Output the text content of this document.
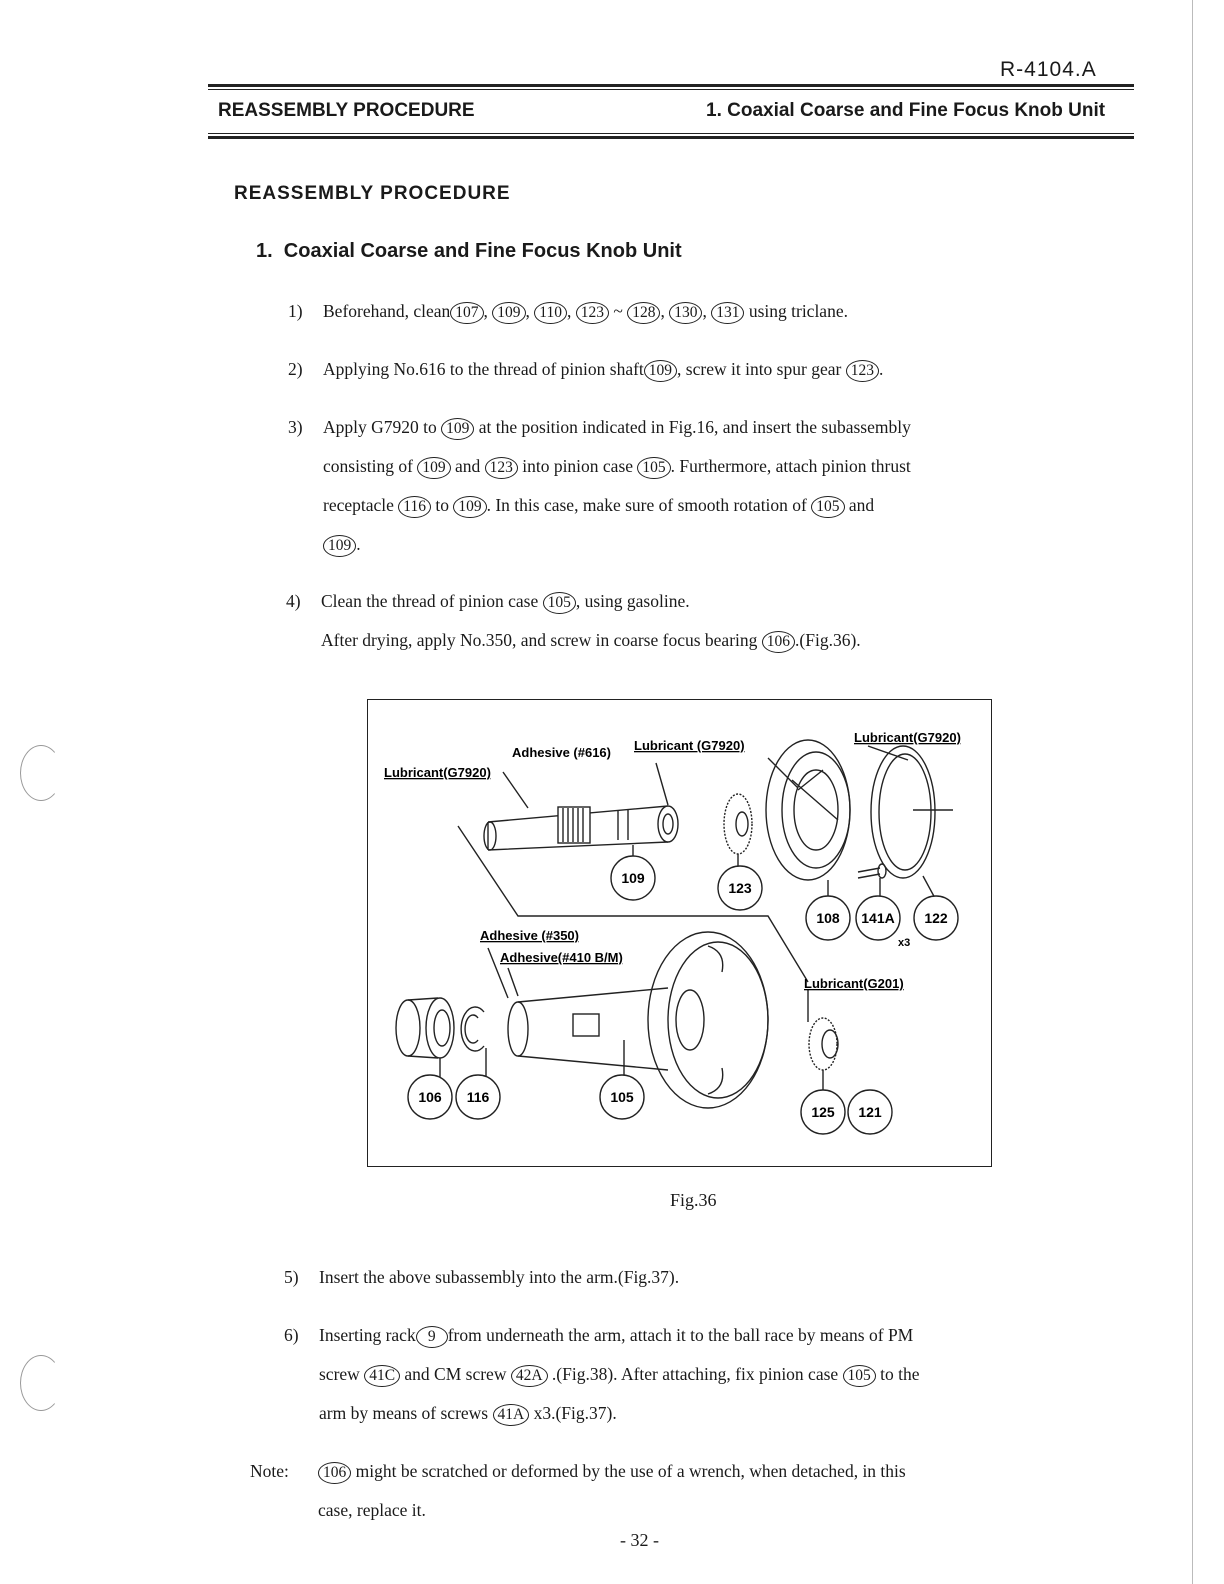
R-4104.A
REASSEMBLY PROCEDURE	1. Coaxial Coarse and Fine Focus Knob Unit
REASSEMBLY PROCEDURE
1.  Coaxial Coarse and Fine Focus Knob Unit
1) Beforehand, clean 107 , 109 , 110 , 123 ~ 128 , 130 , 131 using triclane.
2) Applying No.616 to the thread of pinion shaft 109 , screw it into spur gear 123 .
3) Apply G7920 to 109 at the position indicated in Fig.16, and insert the subassembly
consisting of 109 and 123 into pinion case 105 . Furthermore, attach pinion thrust
receptacle 116 to 109 . In this case, make sure of smooth rotation of 105 and
109 .
4) Clean the thread of pinion case 105 , using gasoline.
After drying, apply No.350, and screw in coarse focus bearing 106 .(Fig.36).
Adhesive (#616) Lubricant (G7920)
Lubricant(G7920)
Lubricant(G7920)
Adhesive (#350)
Adhesive(#410 B/M)
Lubricant(G201)
x3
109
123
108 141A 122
106 116	105
125 121
Fig.36
5) Insert the above subassembly into the arm.(Fig.37).
6) Inserting rack 9 from underneath the arm, attach it to the ball race by means of PM
screw 41C and CM screw 42A .(Fig.38). After attaching, fix pinion case 105 to the
arm by means of screws 41A x3.(Fig.37).
Note:	106 might be scratched or deformed by the use of a wrench, when detached, in this
case, replace it.
- 32 -
